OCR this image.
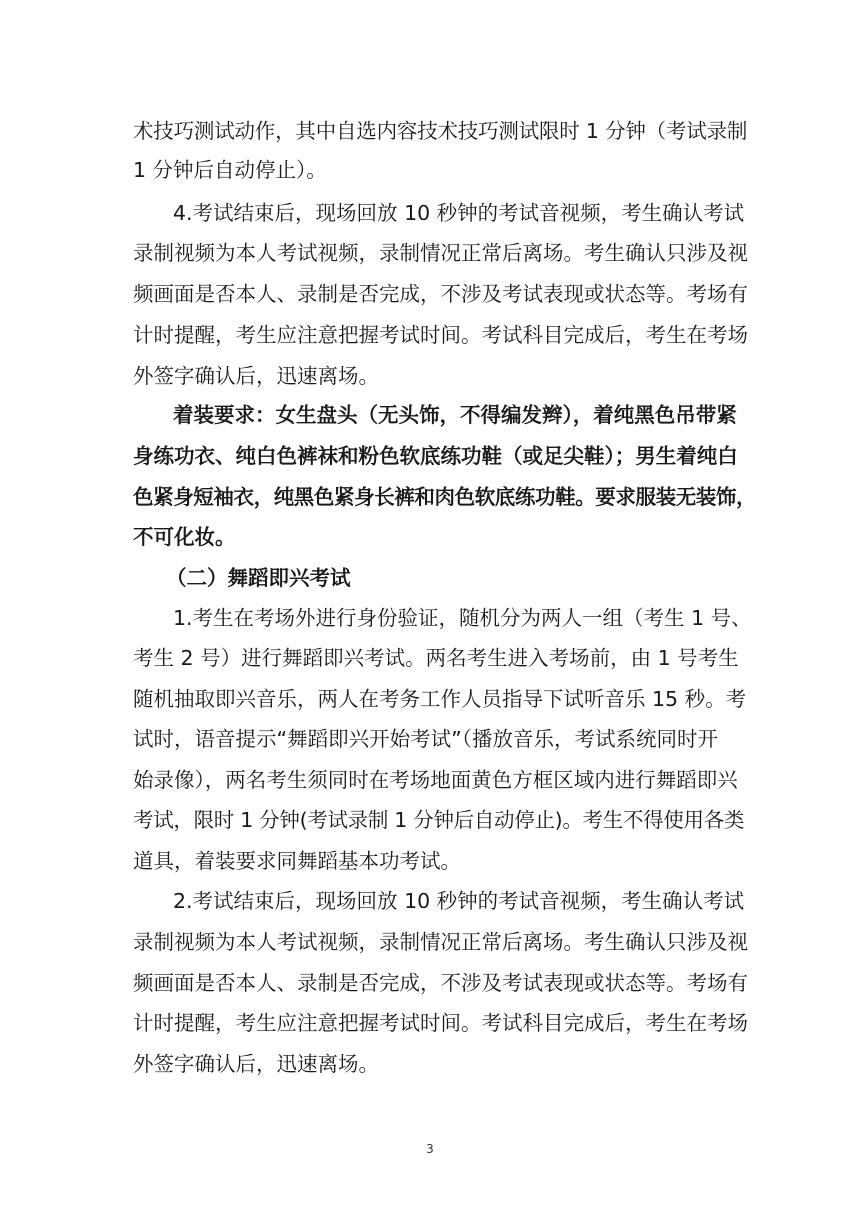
术技巧测试动作，其中自选内容技术技巧测试限时 1 分钟（考试录制
1 分钟后自动停止）。
4.考试结束后，现场回放 10 秒钟的考试音视频，考生确认考试
录制视频为本人考试视频，录制情况正常后离场。考生确认只涉及视
频画面是否本人、录制是否完成，不涉及考试表现或状态等。考场有
计时提醒，考生应注意把握考试时间。考试科目完成后，考生在考场
外签字确认后，迅速离场。
着装要求：女生盘头（无头饰，不得编发辫），着纯黑色吊带紧
身练功衣、纯白色裤袜和粉色软底练功鞋（或足尖鞋）；男生着纯白
色紧身短袖衣，纯黑色紧身长裤和肉色软底练功鞋。要求服装无装饰，
不可化妆。
（二）舞蹈即兴考试
1.考生在考场外进行身份验证，随机分为两人一组（考生 1 号、
考生 2 号）进行舞蹈即兴考试。两名考生进入考场前，由 1 号考生
随机抽取即兴音乐，两人在考务工作人员指导下试听音乐 15 秒。考
试时，语音提示“舞蹈即兴开始考试”（播放音乐，考试系统同时开
始录像），两名考生须同时在考场地面黄色方框区域内进行舞蹈即兴
考试，限时 1 分钟(考试录制 1 分钟后自动停止)。考生不得使用各类
道具，着装要求同舞蹈基本功考试。
2.考试结束后，现场回放 10 秒钟的考试音视频，考生确认考试
录制视频为本人考试视频，录制情况正常后离场。考生确认只涉及视
频画面是否本人、录制是否完成，不涉及考试表现或状态等。考场有
计时提醒，考生应注意把握考试时间。考试科目完成后，考生在考场
外签字确认后，迅速离场。
3
